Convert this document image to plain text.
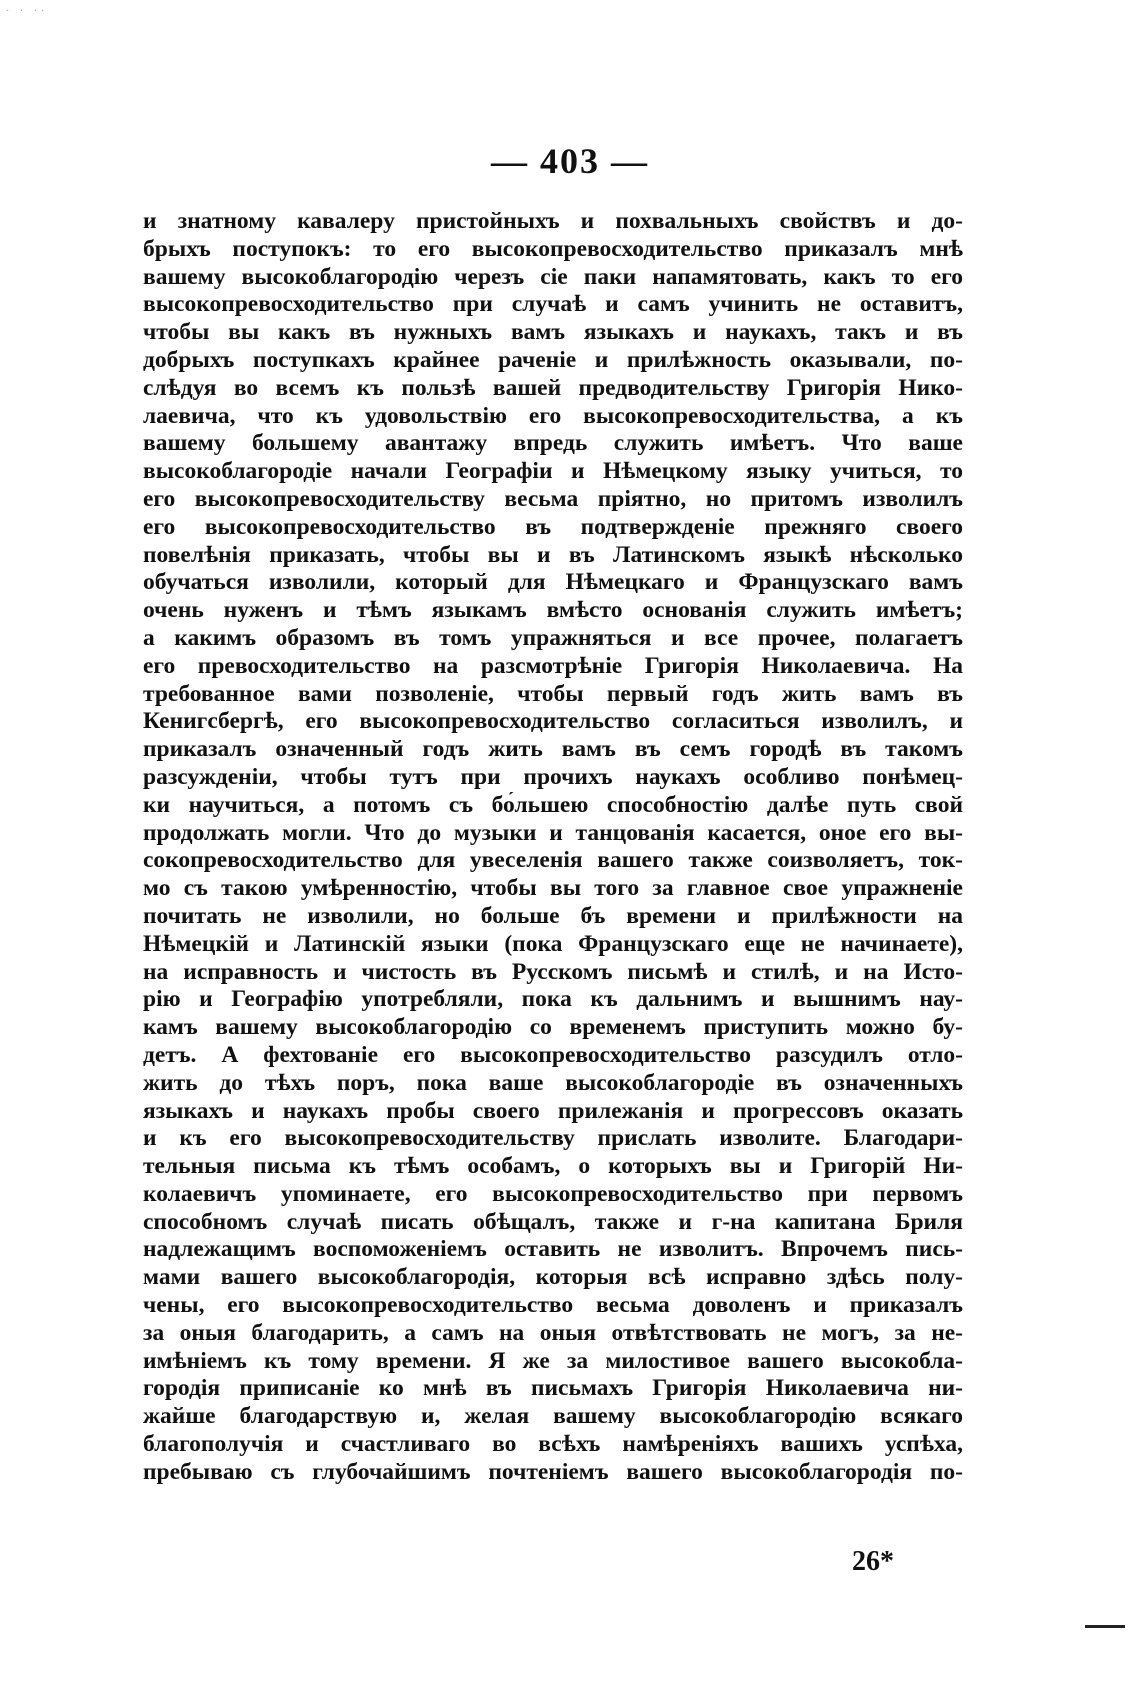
· · ··
— 403 —
и знатному кавалеру пристойныхъ и похвальныхъ свойствъ и до-
брыхъ поступокъ: то его высокопревосходительство приказалъ мнѣ
вашему высокоблагородію черезъ сіе паки напамятовать, какъ то его
высокопревосходительство при случаѣ и самъ учинить не оставитъ,
чтобы вы какъ въ нужныхъ вамъ языкахъ и наукахъ, такъ и въ
добрыхъ поступкахъ крайнее раченіе и прилѣжность оказывали, по-
слѣдуя во всемъ къ пользѣ вашей предводительству Григорія Нико-
лаевича, что къ удовольствію его высокопревосходительства, а къ
вашему большему авантажу впредь служить имѣетъ. Что ваше
высокоблагородіе начали Географіи и Нѣмецкому языку учиться, то
его высокопревосходительству весьма пріятно, но притомъ изволилъ
его высокопревосходительство въ подтвержденіе прежняго своего
повелѣнія приказать, чтобы вы и въ Латинскомъ языкѣ нѣсколько
обучаться изволили, который для Нѣмецкаго и Французскаго вамъ
очень нуженъ и тѣмъ языкамъ вмѣсто основанія служить имѣетъ;
а какимъ образомъ въ томъ упражняться и все прочее, полагаетъ
его превосходительство на разсмотрѣніе Григорія Николаевича. На
требованное вами позволеніе, чтобы первый годъ жить вамъ въ
Кенигсбергѣ, его высокопревосходительство согласиться изволилъ, и
приказалъ означенный годъ жить вамъ въ семъ городѣ въ такомъ
разсужденіи, чтобы тутъ при прочихъ наукахъ особливо понѣмец-
ки научиться, а потомъ съ бо́льшею способностію далѣе путь свой
продолжать могли. Что до музыки и танцованія касается, оное его вы-
сокопревосходительство для увеселенія вашего также соизволяетъ, ток-
мо съ такою умѣренностію, чтобы вы того за главное свое упражненіе
почитать не изволили, но больше бъ времени и прилѣжности на
Нѣмецкій и Латинскій языки (пока Французскаго еще не начинаете),
на исправность и чистость въ Русскомъ письмѣ и стилѣ, и на Исто-
рію и Географію употребляли, пока къ дальнимъ и вышнимъ нау-
камъ вашему высокоблагородію со временемъ приступить можно бу-
детъ. А фехтованіе его высокопревосходительство разсудилъ отло-
жить до тѣхъ поръ, пока ваше высокоблагородіе въ означенныхъ
языкахъ и наукахъ пробы своего прилежанія и прогрессовъ оказать
и къ его высокопревосходительству прислать изволите. Благодари-
тельныя письма къ тѣмъ особамъ, о которыхъ вы и Григорій Ни-
колаевичъ упоминаете, его высокопревосходительство при первомъ
способномъ случаѣ писать обѣщалъ, также и г-на капитана Бриля
надлежащимъ воспоможеніемъ оставить не изволитъ. Впрочемъ пись-
мами вашего высокоблагородія, которыя всѣ исправно здѣсь полу-
чены, его высокопревосходительство весьма доволенъ и приказалъ
за оныя благодарить, а самъ на оныя отвѣтствовать не могъ, за не-
имѣніемъ къ тому времени. Я же за милостивое вашего высокобла-
городія приписаніе ко мнѣ въ письмахъ Григорія Николаевича ни-
жайше благодарствую и, желая вашему высокоблагородію всякаго
благополучія и счастливаго во всѣхъ намѣреніяхъ вашихъ успѣха,
пребываю съ глубочайшимъ почтеніемъ вашего высокоблагородія по-
26*
